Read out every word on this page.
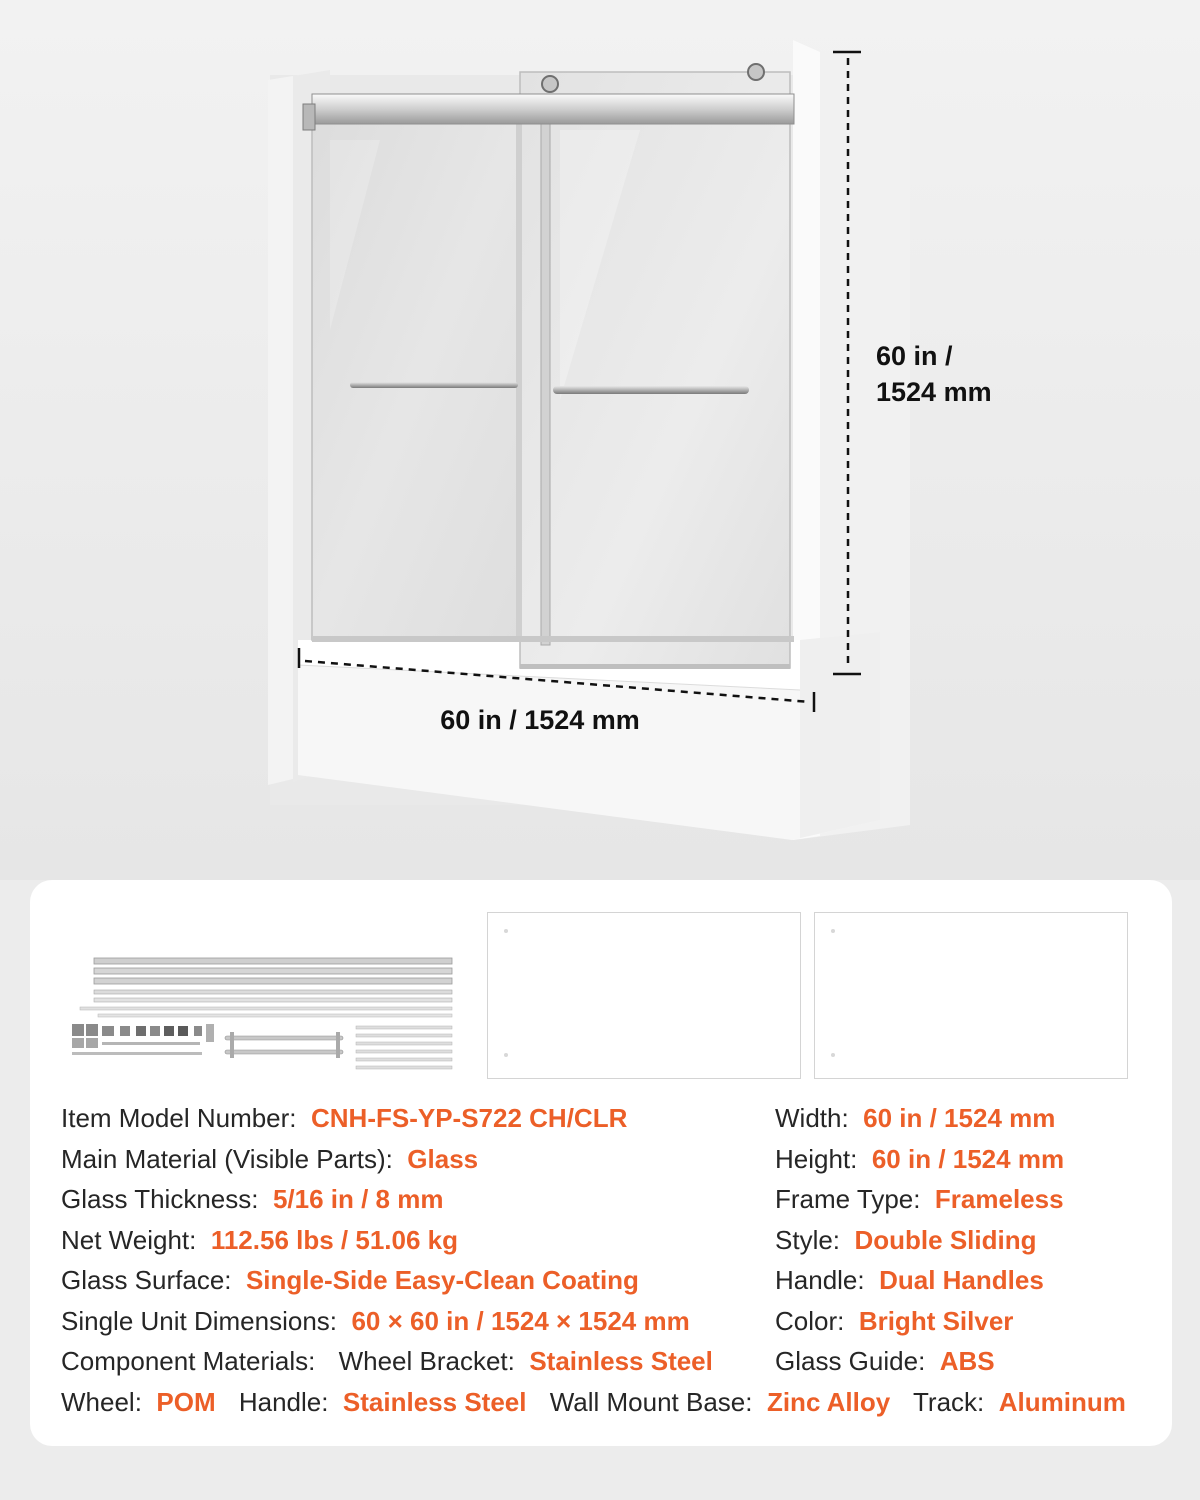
60 in /
1524 mm
60 in / 1524 mm
Item Model Number: CNH-FS-YP-S722 CH/CLR
Main Material (Visible Parts): Glass
Glass Thickness: 5/16 in / 8 mm
Net Weight: 112.56 lbs / 51.06 kg
Glass Surface: Single-Side Easy-Clean Coating
Single Unit Dimensions: 60 × 60 in / 1524 × 1524 mm
Component Materials: Wheel Bracket: Stainless Steel
Wheel: POM Handle: Stainless Steel Wall Mount Base: Zinc Alloy Track: Aluminum
Width: 60 in / 1524 mm
Height: 60 in / 1524 mm
Frame Type: Frameless
Style: Double Sliding
Handle: Dual Handles
Color: Bright Silver
Glass Guide: ABS
